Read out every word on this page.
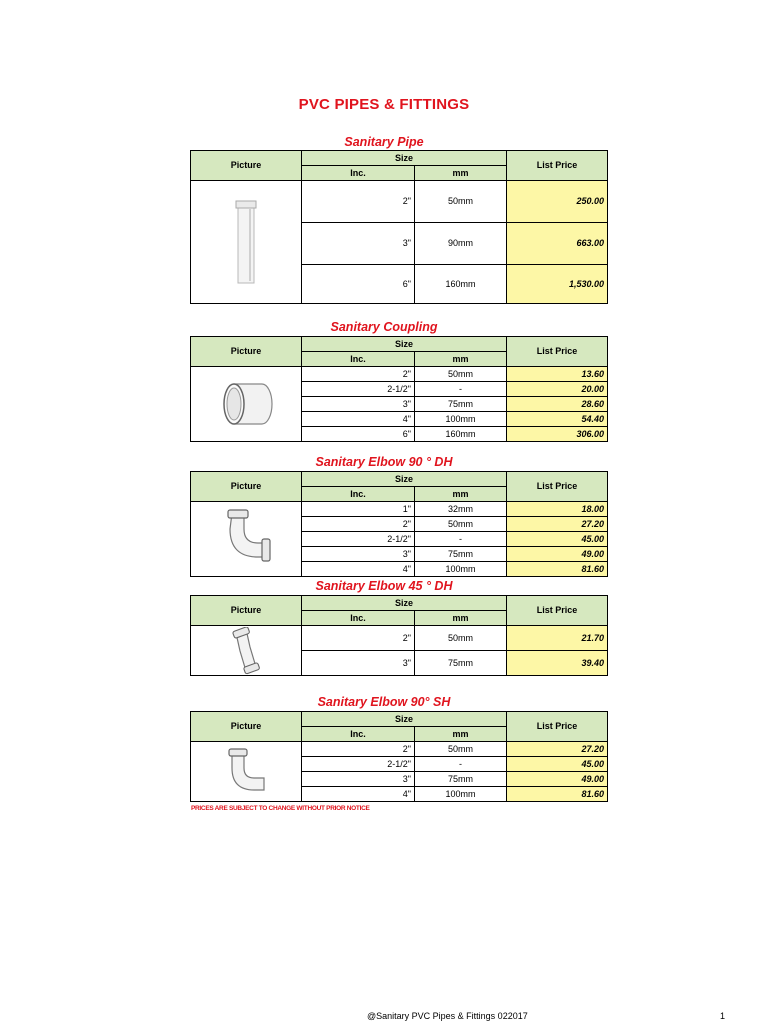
PVC PIPES & FITTINGS
Sanitary Pipe
Picture	Size		List Price
	Inc.	mm	

	2"	50mm	250.00
	3"	90mm	663.00
	6"	160mm	1,530.00
Sanitary Coupling
Picture	Size		List Price
	Inc.	mm	

	2"	50mm	13.60
	2-1/2"	-	20.00
	3"	75mm	28.60
	4"	100mm	54.40
	6"	160mm	306.00
Sanitary Elbow 90 ° DH
Picture	Size		List Price
	Inc.	mm	

	1"	32mm	18.00
	2"	50mm	27.20
	2-1/2"	-	45.00
	3"	75mm	49.00
	4"	100mm	81.60
Sanitary Elbow 45 ° DH
Picture	Size		List Price
	Inc.	mm	

	2"	50mm	21.70
	3"	75mm	39.40
Sanitary Elbow 90° SH
Picture	Size		List Price
	Inc.	mm	

	2"	50mm	27.20
	2-1/2"	-	45.00
	3"	75mm	49.00
	4"	100mm	81.60
PRICES ARE SUBJECT TO CHANGE WITHOUT PRIOR NOTICE
@Sanitary PVC Pipes & Fittings 022017	1
